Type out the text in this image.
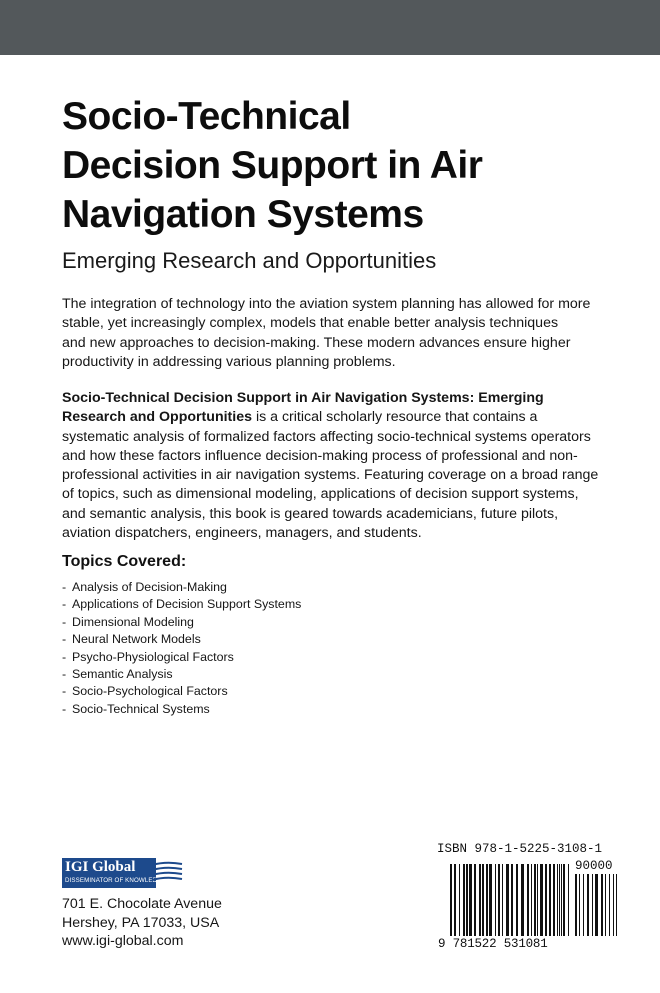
Socio-Technical
Decision Support in Air
Navigation Systems
Emerging Research and Opportunities

The integration of technology into the aviation system planning has allowed for more
stable, yet increasingly complex, models that enable better analysis techniques
and new approaches to decision-making. These modern advances ensure higher
productivity in addressing various planning problems.

Socio-Technical Decision Support in Air Navigation Systems: Emerging
Research and Opportunities is a critical scholarly resource that contains a
systematic analysis of formalized factors affecting socio-technical systems operators
and how these factors influence decision-making process of professional and non-
professional activities in air navigation systems. Featuring coverage on a broad range
of topics, such as dimensional modeling, applications of decision support systems,
and semantic analysis, this book is geared towards academicians, future pilots,
aviation dispatchers, engineers, managers, and students.

Topics Covered:
- Analysis of Decision-Making
- Applications of Decision Support Systems
- Dimensional Modeling
- Neural Network Models
- Psycho-Physiological Factors
- Semantic Analysis
- Socio-Psychological Factors
- Socio-Technical Systems
IGI Global
DISSEMINATOR OF KNOWLEDGE

701 E. Chocolate Avenue
Hershey, PA 17033, USA
www.igi-global.com

ISBN 978-1-5225-3108-1

90000
9 781522 531081
